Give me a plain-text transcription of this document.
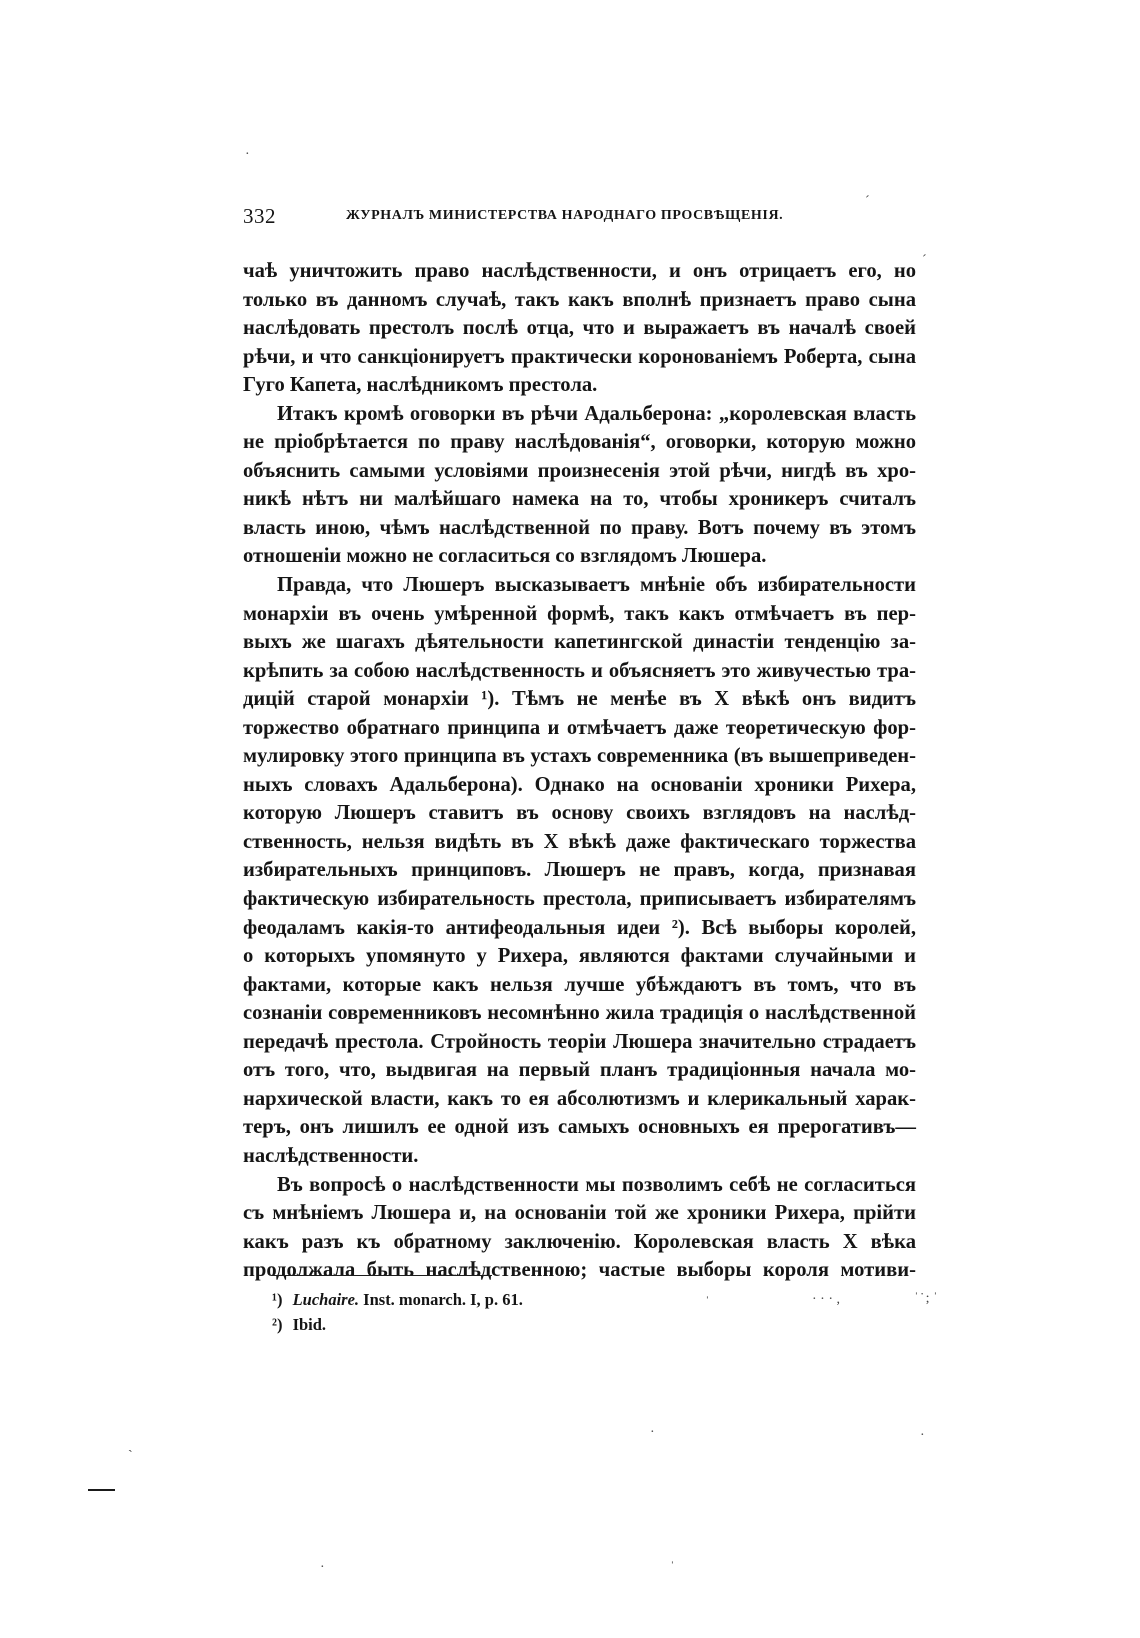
332	ЖУРНАЛЪ МИНИСТЕРСТВА НАРОДНАГО ПРОСВѢЩЕНІЯ.
чаѣ уничтожить право наслѣдственности, и онъ отрицаетъ его, но
только въ данномъ случаѣ, такъ какъ вполнѣ признаетъ право сына
наслѣдовать престолъ послѣ отца, что и выражаетъ въ началѣ своей
рѣчи, и что санкціонируетъ практически коронованіемъ Роберта, сына
Гуго Капета, наслѣдникомъ престола.
Итакъ кромѣ оговорки въ рѣчи Адальберона: „королевская власть
не пріобрѣтается по праву наслѣдованія“, оговорки, которую можно
объяснить самыми условіями произнесенія этой рѣчи, нигдѣ въ хро-
никѣ нѣтъ ни малѣйшаго намека на то, чтобы хроникеръ считалъ
власть иною, чѣмъ наслѣдственной по праву. Вотъ почему въ этомъ
отношеніи можно не согласиться со взглядомъ Люшера.
Правда, что Люшеръ высказываетъ мнѣніе объ избирательности
монархіи въ очень умѣренной формѣ, такъ какъ отмѣчаетъ въ пер-
выхъ же шагахъ дѣятельности капетингской династіи тенденцію за-
крѣпить за собою наслѣдственность и объясняетъ это живучестью тра-
дицій старой монархіи ¹). Тѣмъ не менѣе въ X вѣкѣ онъ видитъ
торжество обратнаго принципа и отмѣчаетъ даже теоретическую фор-
мулировку этого принципа въ устахъ современника (въ вышеприведен-
ныхъ словахъ Адальберона). Однако на основаніи хроники Рихера,
которую Люшеръ ставитъ въ основу своихъ взглядовъ на наслѣд-
ственность, нельзя видѣть въ X вѣкѣ даже фактическаго торжества
избирательныхъ принциповъ. Люшеръ не правъ, когда, признавая
фактическую избирательность престола, приписываетъ избирателямъ
феодаламъ какія-то антифеодальныя идеи ²). Всѣ выборы королей,
о которыхъ упомянуто у Рихера, являются фактами случайными и
фактами, которые какъ нельзя лучше убѣждаютъ въ томъ, что въ
сознаніи современниковъ несомнѣнно жила традиція о наслѣдственной
передачѣ престола. Стройность теоріи Люшера значительно страдаетъ
отъ того, что, выдвигая на первый планъ традиціонныя начала мо-
нархической власти, какъ то ея абсолютизмъ и клерикальный харак-
теръ, онъ лишилъ ее одной изъ самыхъ основныхъ ея прерогативъ—
наслѣдственности.
Въ вопросѣ о наслѣдственности мы позволимъ себѣ не согласиться
съ мнѣніемъ Люшера и, на основаніи той же хроники Рихера, прійти
какъ разъ къ обратному заключенію. Королевская власть X вѣка
продолжала быть наслѣдственною; частые выборы короля мотиви-
¹) Luchaire. Inst. monarch. I, p. 61.
²) Ibid.
·
ˊ
ˊ
ˈ	· · · ,	ˈ ̇ ; ˈ
·	·
ˏ
·	ˈ
